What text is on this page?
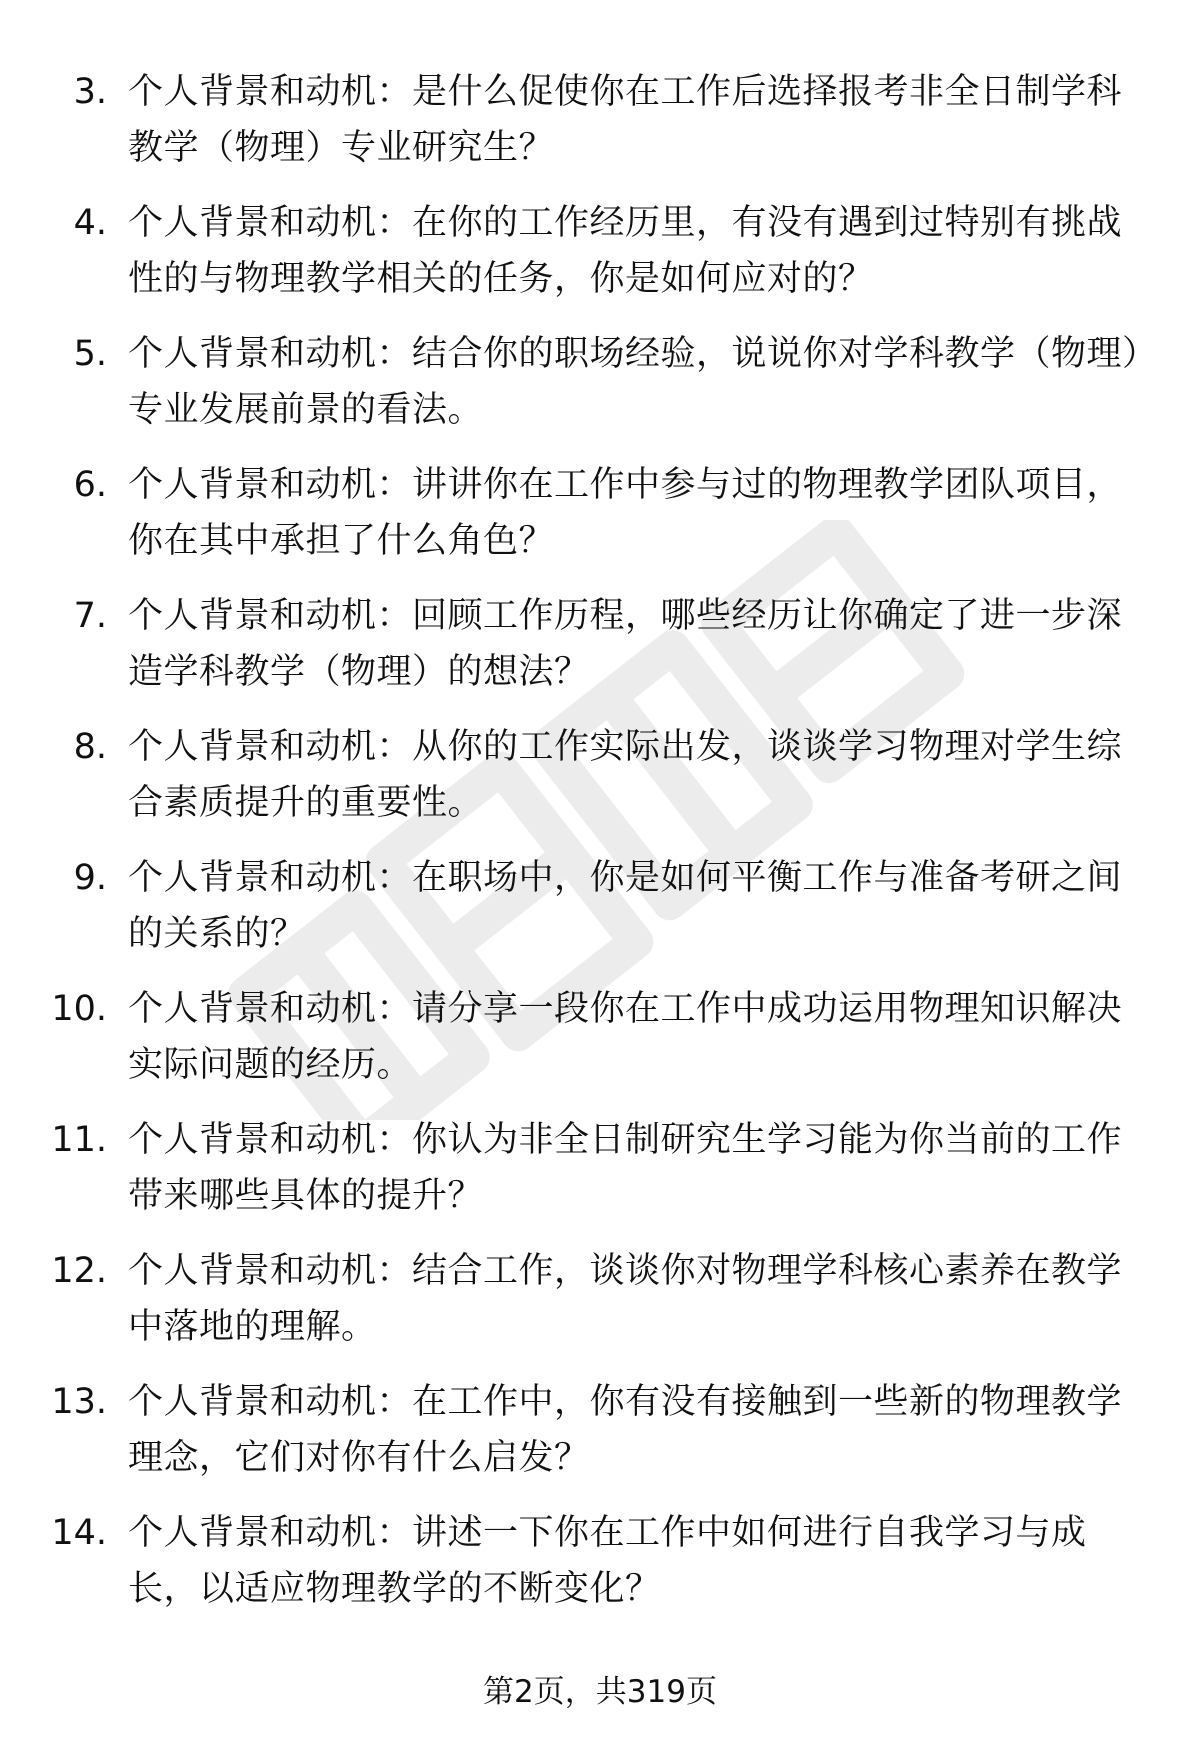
3. 个人背景和动机：是什么促使你在工作后选择报考非全日制学科教学（物理）专业研究生？
4. 个人背景和动机：在你的工作经历里，有没有遇到过特别有挑战性的与物理教学相关的任务，你是如何应对的？
5. 个人背景和动机：结合你的职场经验，说说你对学科教学（物理）专业发展前景的看法。
6. 个人背景和动机：讲讲你在工作中参与过的物理教学团队项目，你在其中承担了什么角色？
7. 个人背景和动机：回顾工作历程，哪些经历让你确定了进一步深造学科教学（物理）的想法？
8. 个人背景和动机：从你的工作实际出发，谈谈学习物理对学生综合素质提升的重要性。
9. 个人背景和动机：在职场中，你是如何平衡工作与准备考研之间的关系的？
10. 个人背景和动机：请分享一段你在工作中成功运用物理知识解决实际问题的经历。
11. 个人背景和动机：你认为非全日制研究生学习能为你当前的工作带来哪些具体的提升？
12. 个人背景和动机：结合工作，谈谈你对物理学科核心素养在教学中落地的理解。
13. 个人背景和动机：在工作中，你有没有接触到一些新的物理教学理念，它们对你有什么启发？
14. 个人背景和动机：讲述一下你在工作中如何进行自我学习与成长，以适应物理教学的不断变化？
第2页，共319页
